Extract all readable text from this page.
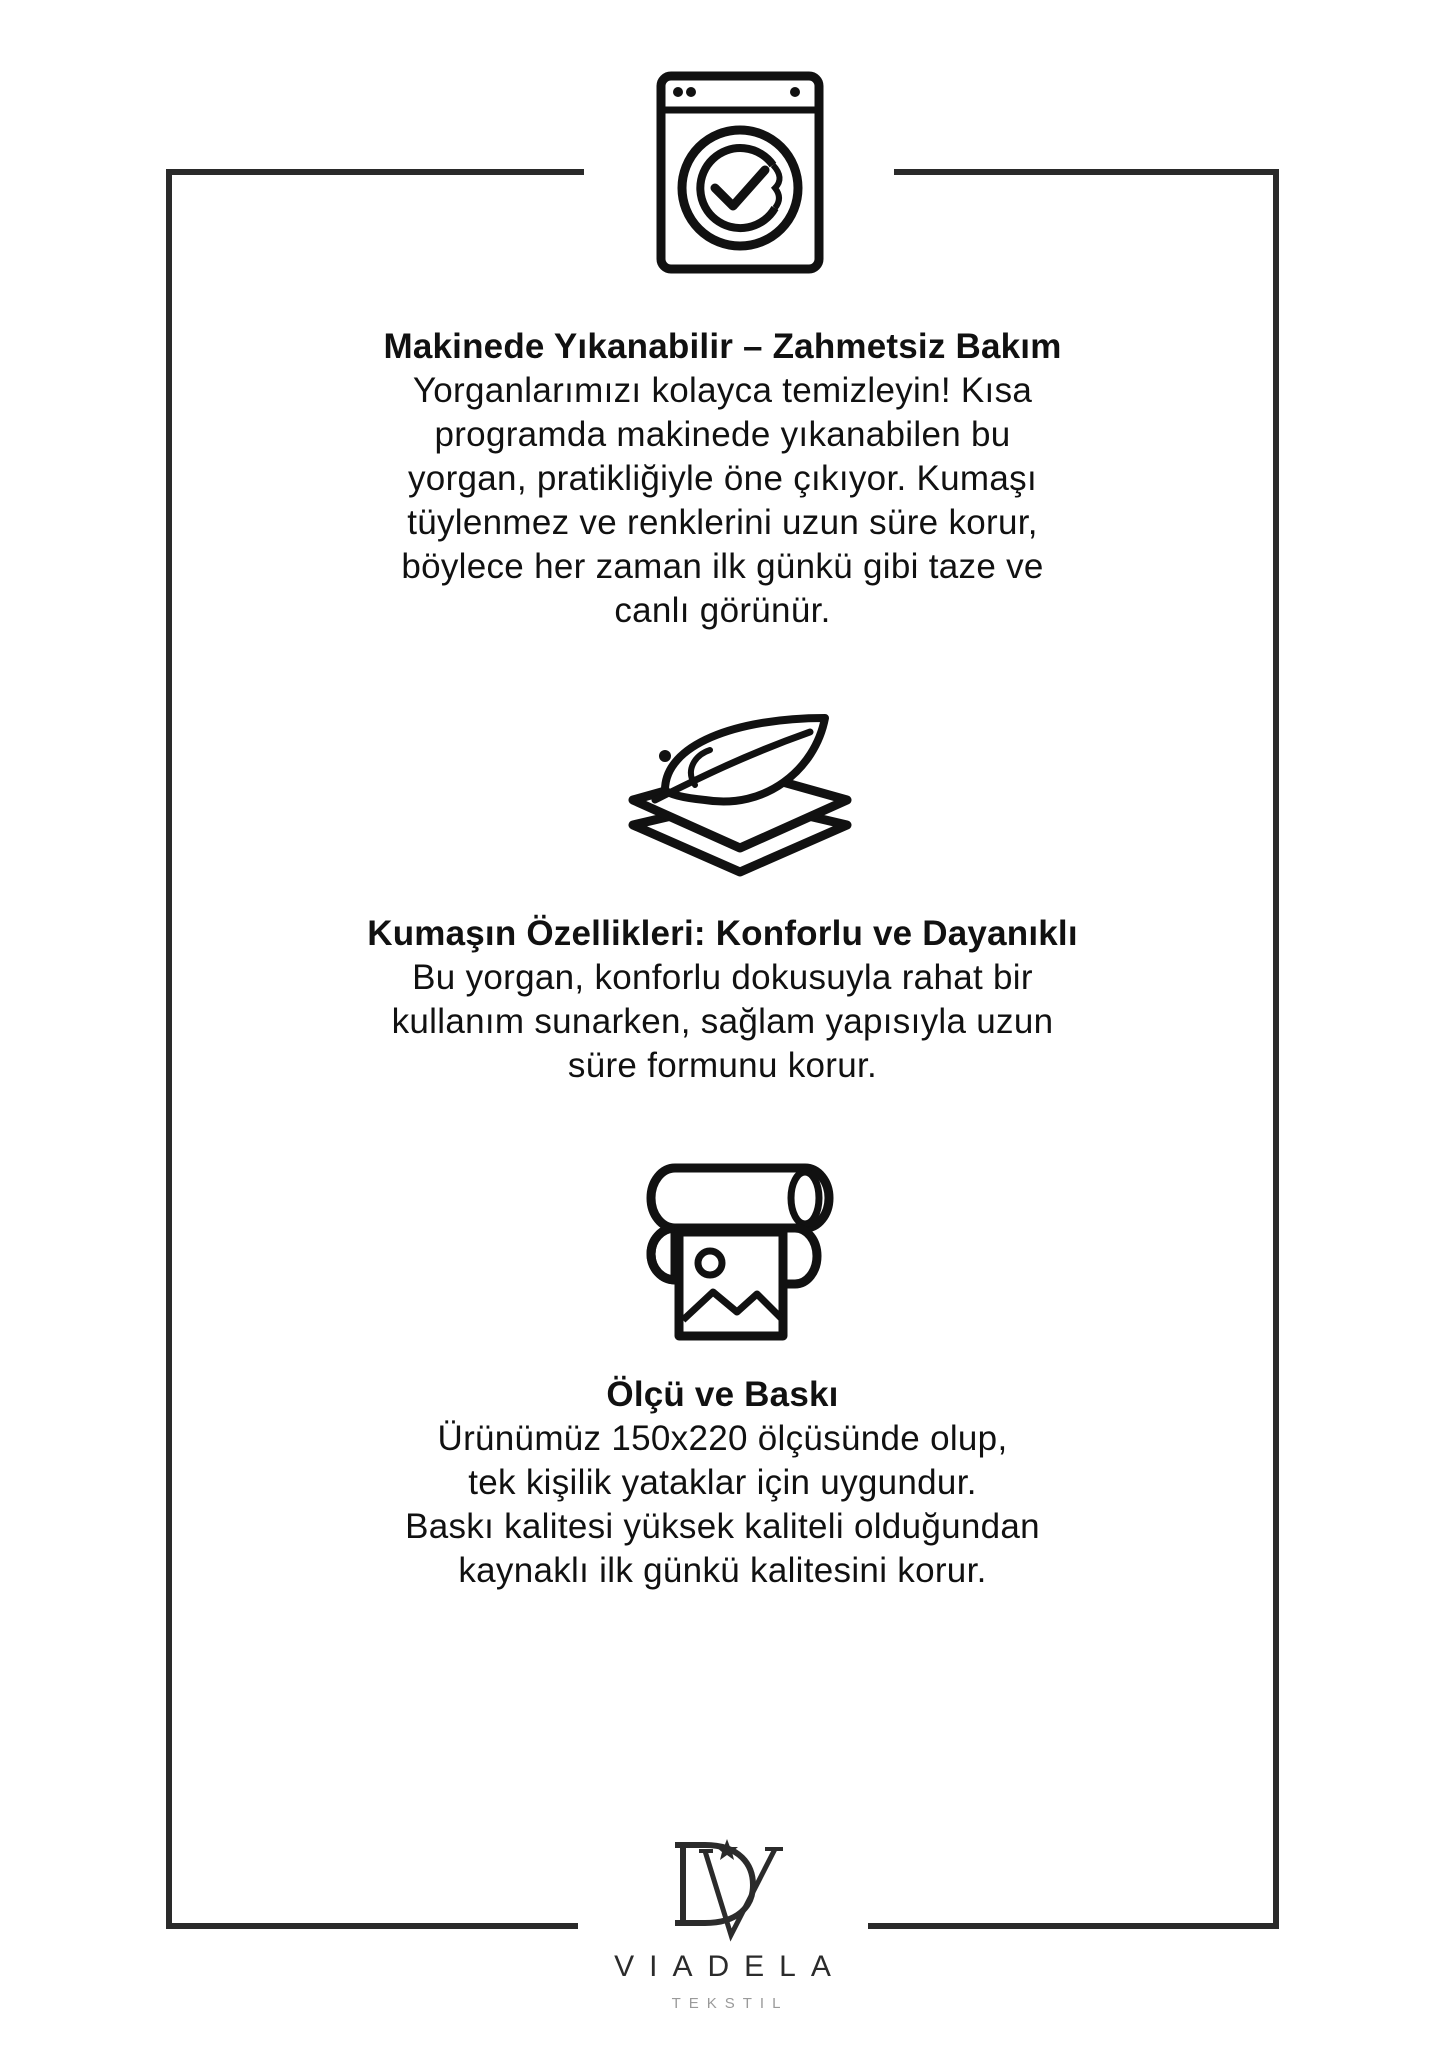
Makinede Yıkanabilir – Zahmetsiz Bakım
Yorganlarımızı kolayca temizleyin! Kısa
programda makinede yıkanabilen bu
yorgan, pratikliğiyle öne çıkıyor. Kumaşı
tüylenmez ve renklerini uzun süre korur,
böylece her zaman ilk günkü gibi taze ve
canlı görünür.
Kumaşın Özellikleri: Konforlu ve Dayanıklı
Bu yorgan, konforlu dokusuyla rahat bir
kullanım sunarken, sağlam yapısıyla uzun
süre formunu korur.
Ölçü ve Baskı
Ürünümüz 150x220 ölçüsünde olup,
tek kişilik yataklar için uygundur.
Baskı kalitesi yüksek kaliteli olduğundan
kaynaklı ilk günkü kalitesini korur.
VIADELA
TEKSTIL
